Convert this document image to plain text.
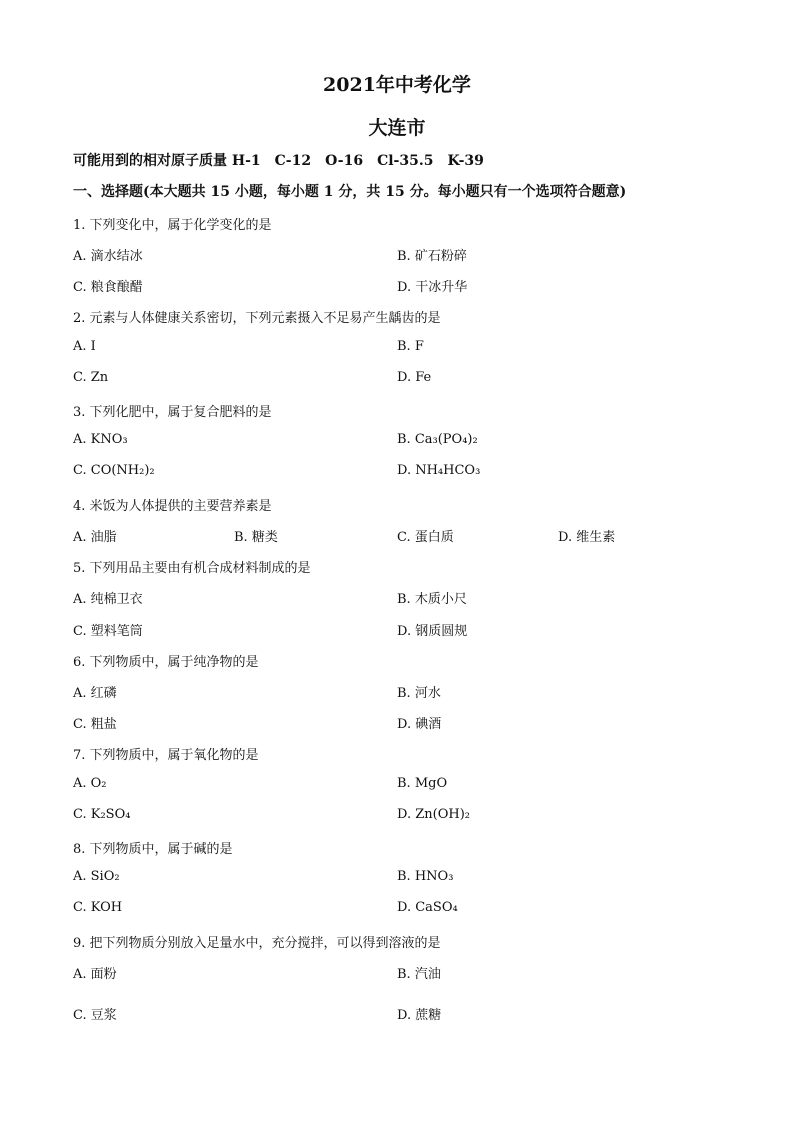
2021年中考化学
大连市
可能用到的相对原子质量 H-1　C-12　O-16　Cl-35.5　K-39
一、选择题(本大题共 15 小题，每小题 1 分，共 15 分。每小题只有一个选项符合题意)
1. 下列变化中，属于化学变化的是
A. 滴水结冰	B. 矿石粉碎
C. 粮食酿醋	D. 干冰升华
2. 元素与人体健康关系密切，下列元素摄入不足易产生龋齿的是
A. I	B. F
C. Zn	D. Fe
3. 下列化肥中，属于复合肥料的是
A. KNO₃	B. Ca₃(PO₄)₂
C. CO(NH₂)₂	D. NH₄HCO₃
4. 米饭为人体提供的主要营养素是
A. 油脂	B. 糖类	C. 蛋白质	D. 维生素
5. 下列用品主要由有机合成材料制成的是
A. 纯棉卫衣	B. 木质小尺
C. 塑料笔筒	D. 钢质圆规
6. 下列物质中，属于纯净物的是
A. 红磷	B. 河水
C. 粗盐	D. 碘酒
7. 下列物质中，属于氧化物的是
A. O₂	B. MgO
C. K₂SO₄	D. Zn(OH)₂
8. 下列物质中，属于碱的是
A. SiO₂	B. HNO₃
C. KOH	D. CaSO₄
9. 把下列物质分别放入足量水中，充分搅拌，可以得到溶液的是
A. 面粉	B. 汽油
C. 豆浆	D. 蔗糖
